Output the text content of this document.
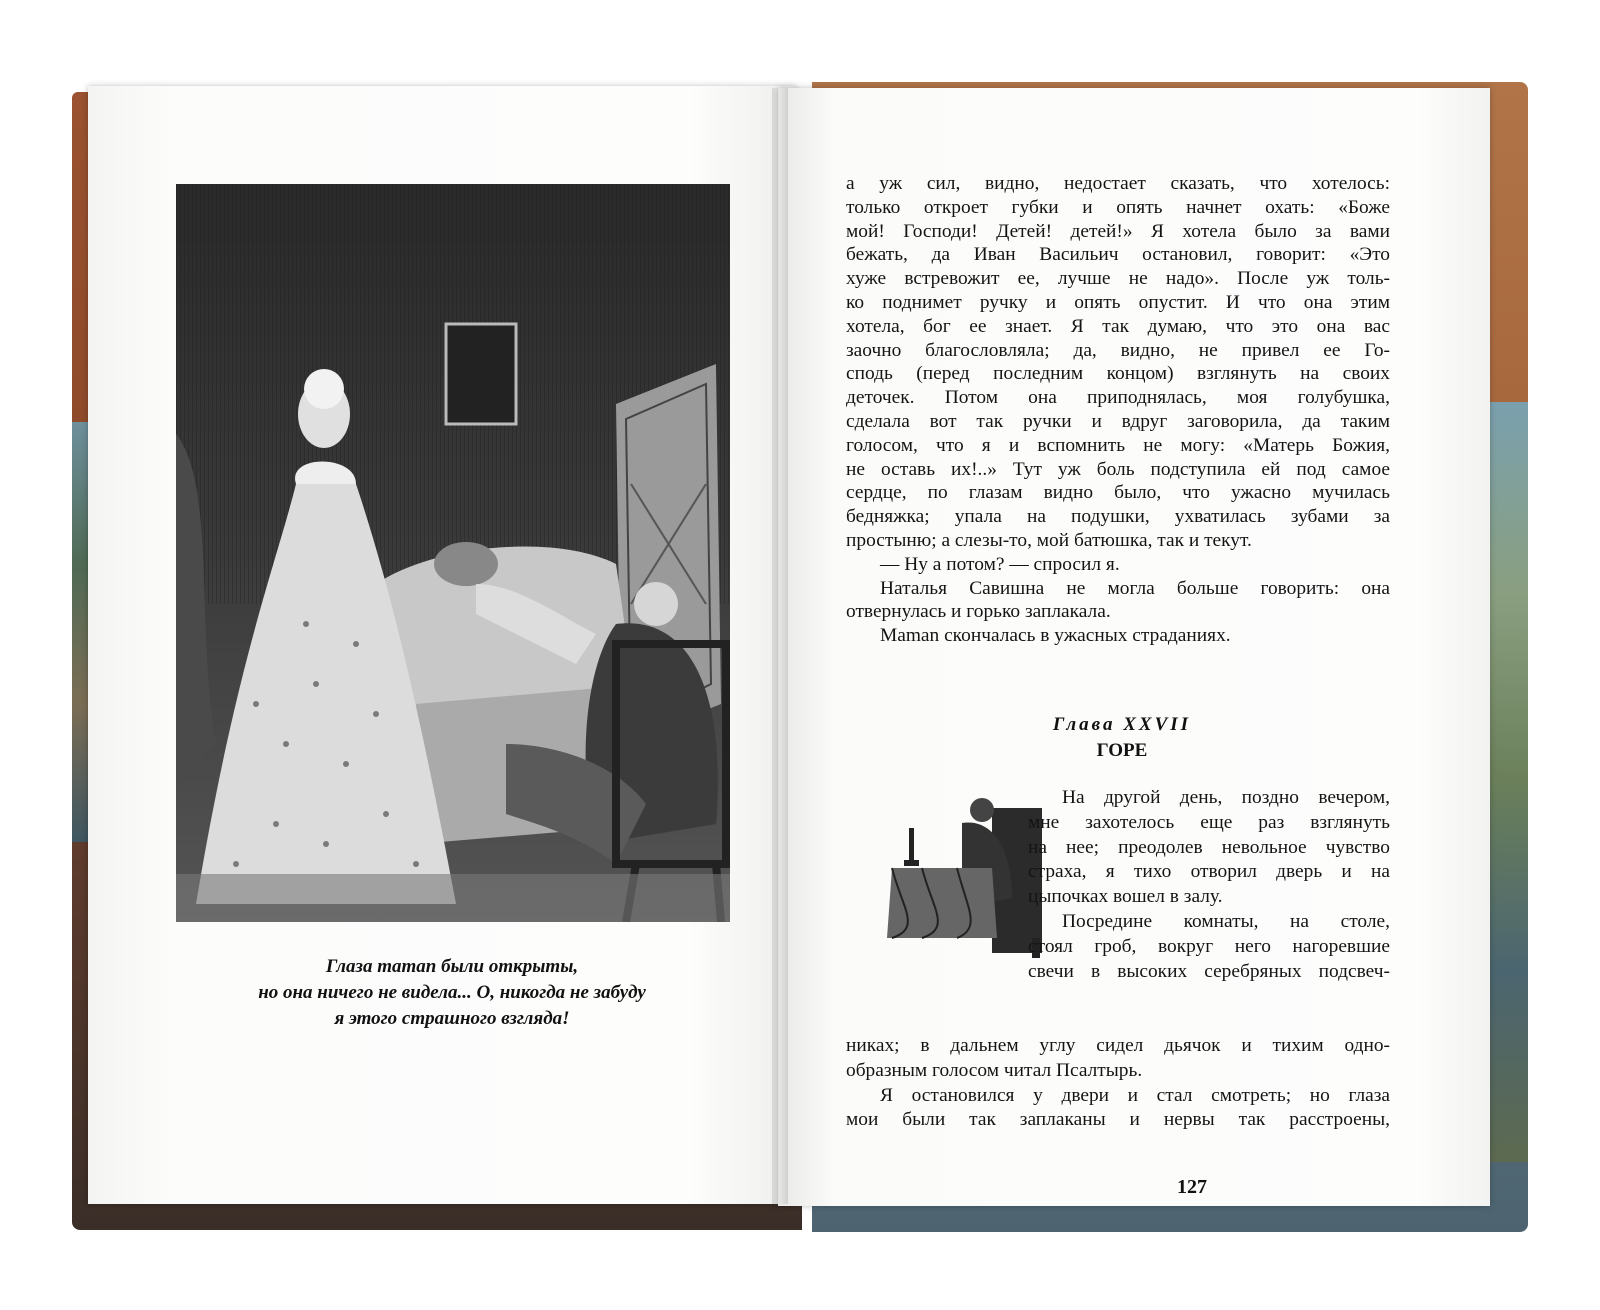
Глаза maman были открыты,
но она ничего не видела... О, никогда не забуду
я этого страшного взгляда!
а уж сил, видно, недостает сказать, что хотелось:
только откроет губки и опять начнет охать: «Боже
мой! Господи! Детей! детей!» Я хотела было за вами
бежать, да Иван Васильич остановил, говорит: «Это
хуже встревожит ее, лучше не надо». После уж толь-
ко поднимет ручку и опять опустит. И что она этим
хотела, бог ее знает. Я так думаю, что это она вас
заочно благословляла; да, видно, не привел ее Го-
сподь (перед последним концом) взглянуть на своих
деточек. Потом она приподнялась, моя голубушка,
сделала вот так ручки и вдруг заговорила, да таким
голосом, что я и вспомнить не могу: «Матерь Божия,
не оставь их!..» Тут уж боль подступила ей под самое
сердце, по глазам видно было, что ужасно мучилась
бедняжка; упала на подушки, ухватилась зубами за
простыню; а слезы-то, мой батюшка, так и текут.
— Ну а потом? — спросил я.
Наталья Савишна не могла больше говорить: она
отвернулась и горько заплакала.
Maman скончалась в ужасных страданиях.
Глава XXVII
ГОРЕ
На другой день, поздно вечером,
мне захотелось еще раз взглянуть
на нее; преодолев невольное чувство
страха, я тихо отворил дверь и на
цыпочках вошел в залу.
Посредине комнаты, на столе,
стоял гроб, вокруг него нагоревшие
свечи в высоких серебряных подсвеч-
никах; в дальнем углу сидел дьячок и тихим одно-
образным голосом читал Псалтырь.
Я остановился у двери и стал смотреть; но глаза
мои были так заплаканы и нервы так расстроены,
127
